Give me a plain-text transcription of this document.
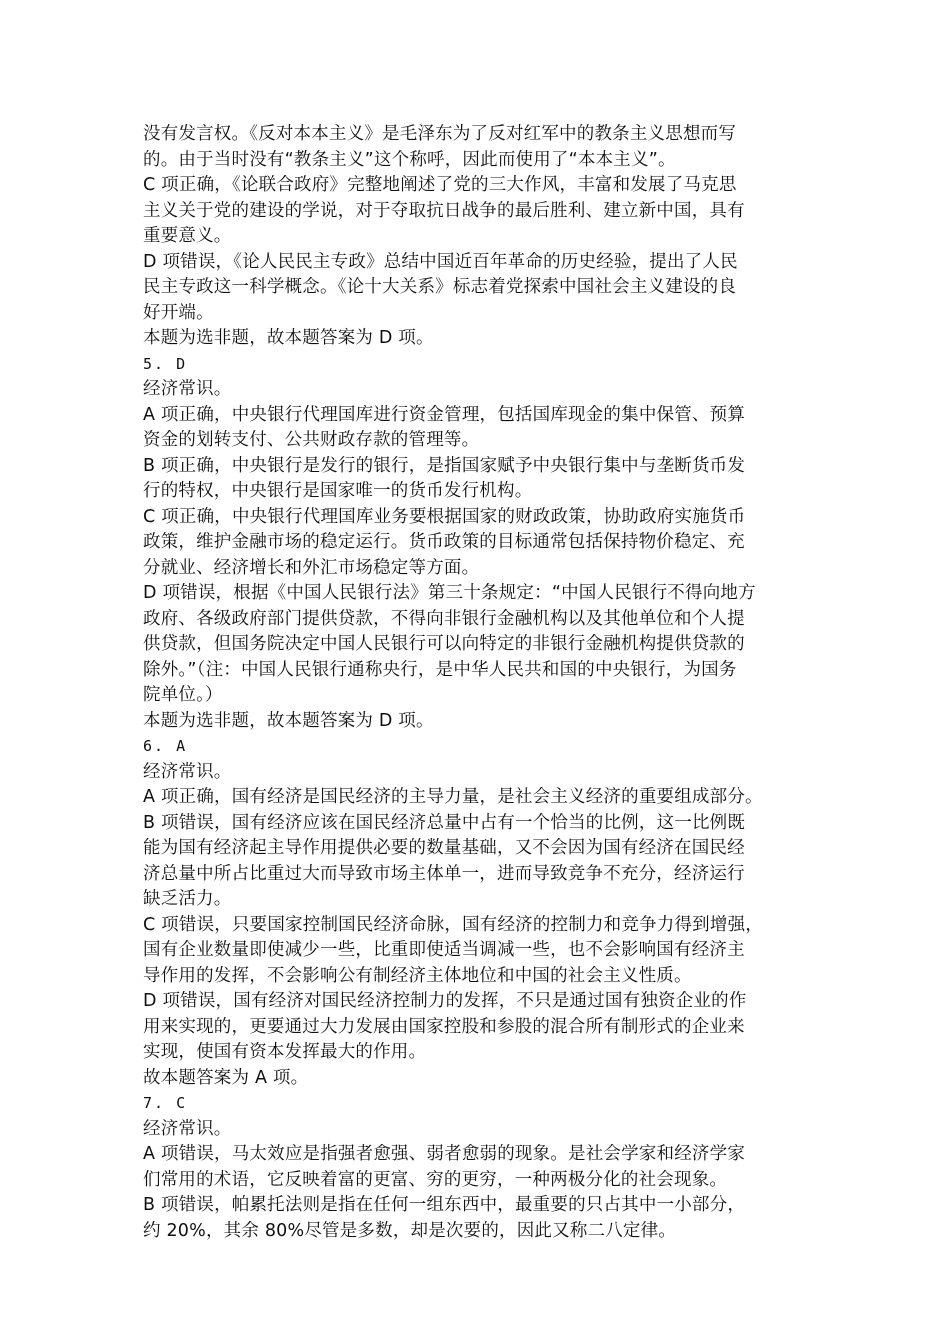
没有发言权。《反对本本主义》是毛泽东为了反对红军中的教条主义思想而写
的。由于当时没有“教条主义”这个称呼，因此而使用了“本本主义”。
C 项正确，《论联合政府》完整地阐述了党的三大作风，丰富和发展了马克思
主义关于党的建设的学说，对于夺取抗日战争的最后胜利、建立新中国，具有
重要意义。
D 项错误，《论人民民主专政》总结中国近百年革命的历史经验，提出了人民
民主专政这一科学概念。《论十大关系》标志着党探索中国社会主义建设的良
好开端。
本题为选非题，故本题答案为 D 项。
5. D
经济常识。
A 项正确，中央银行代理国库进行资金管理，包括国库现金的集中保管、预算
资金的划转支付、公共财政存款的管理等。
B 项正确，中央银行是发行的银行，是指国家赋予中央银行集中与垄断货币发
行的特权，中央银行是国家唯一的货币发行机构。
C 项正确，中央银行代理国库业务要根据国家的财政政策，协助政府实施货币
政策，维护金融市场的稳定运行。货币政策的目标通常包括保持物价稳定、充
分就业、经济增长和外汇市场稳定等方面。
D 项错误，根据《中国人民银行法》第三十条规定：“中国人民银行不得向地方
政府、各级政府部门提供贷款，不得向非银行金融机构以及其他单位和个人提
供贷款，但国务院决定中国人民银行可以向特定的非银行金融机构提供贷款的
除外。”（注：中国人民银行通称央行，是中华人民共和国的中央银行，为国务
院单位。）
本题为选非题，故本题答案为 D 项。
6. A
经济常识。
A 项正确，国有经济是国民经济的主导力量，是社会主义经济的重要组成部分。
B 项错误，国有经济应该在国民经济总量中占有一个恰当的比例，这一比例既
能为国有经济起主导作用提供必要的数量基础，又不会因为国有经济在国民经
济总量中所占比重过大而导致市场主体单一，进而导致竞争不充分，经济运行
缺乏活力。
C 项错误，只要国家控制国民经济命脉，国有经济的控制力和竞争力得到增强，
国有企业数量即使减少一些，比重即使适当调减一些，也不会影响国有经济主
导作用的发挥，不会影响公有制经济主体地位和中国的社会主义性质。
D 项错误，国有经济对国民经济控制力的发挥，不只是通过国有独资企业的作
用来实现的，更要通过大力发展由国家控股和参股的混合所有制形式的企业来
实现，使国有资本发挥最大的作用。
故本题答案为 A 项。
7. C
经济常识。
A 项错误，马太效应是指强者愈强、弱者愈弱的现象。是社会学家和经济学家
们常用的术语，它反映着富的更富、穷的更穷，一种两极分化的社会现象。
B 项错误，帕累托法则是指在任何一组东西中，最重要的只占其中一小部分，
约 20%，其余 80%尽管是多数，却是次要的，因此又称二八定律。
